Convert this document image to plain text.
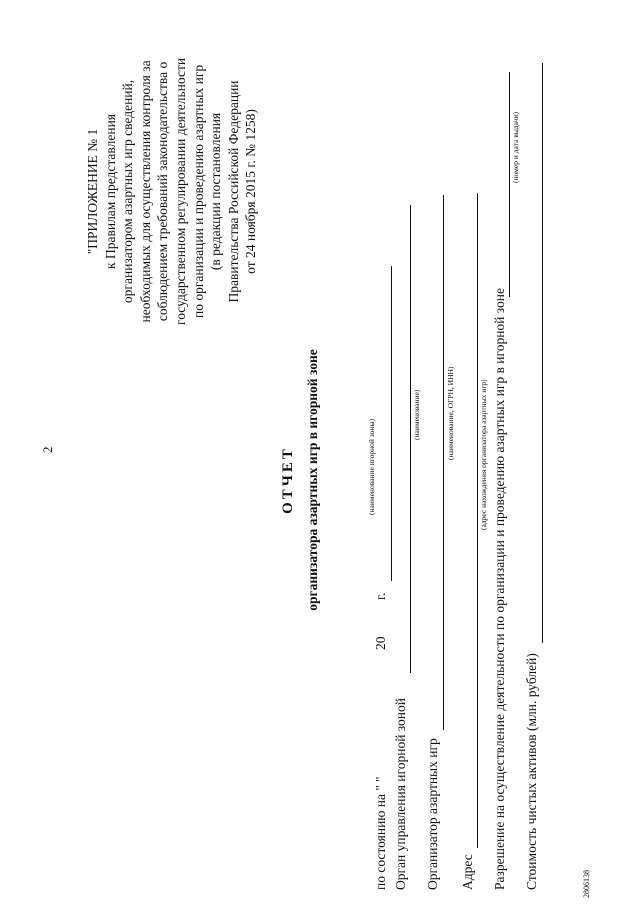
2
"ПРИЛОЖЕНИЕ № 1 к Правилам представления организатором азартных игр сведений, необходимых для осуществления контроля за соблюдением требований законодательства о государственном регулировании деятельности по организации и проведению азартных игр (в редакции постановления Правительства Российской Федерации от 24 ноября 2015 г. № 1258)
ОТЧЕТ организатора азартных игр в игорной зоне
по состоянию на "
"
20
г.
(наименование игорной зоны)
Орган управления игорной зоной
(наименование)
Организатор азартных игр
(наименование, ОГРН, ИНН)
Адрес
(адрес нахождения организатора азартных игр) Разрешение на осуществление деятельности по организации и проведению азартных игр в игорной зоне
(номер и дата выдачи)
Стоимость чистых активов (млн. рублей)	2806138
